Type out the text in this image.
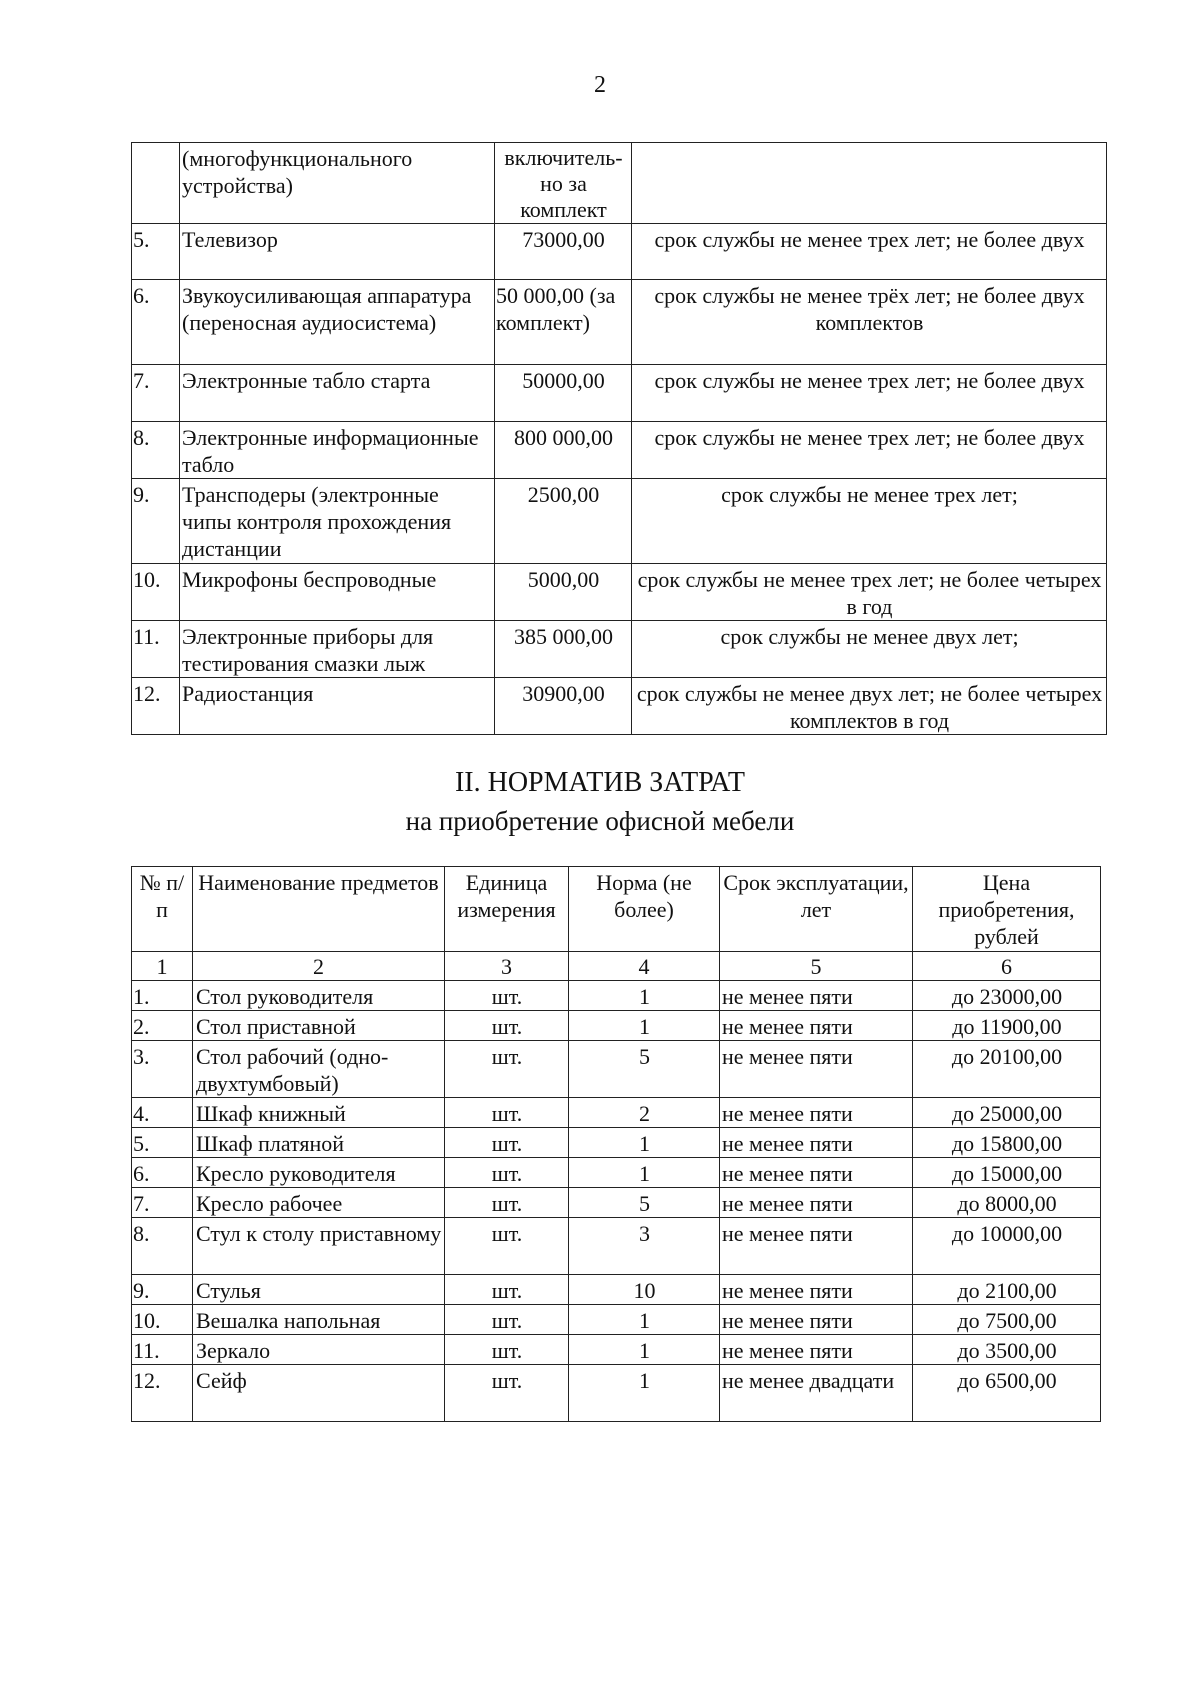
2
	(многофункционального устройства)	включитель-но за комплект	
5.	Телевизор	73000,00	срок службы не менее трех лет; не более двух
6.	Звукоусиливающая аппаратура (переносная аудиосистема)	50 000,00 (за комплект)	срок службы не менее трёх лет; не более двух комплектов
7.	Электронные табло старта	50000,00	срок службы не менее трех лет; не более двух
8.	Электронные информационные табло	800 000,00	срок службы не менее трех лет; не более двух
9.	Транcподеры (электронные чипы контроля прохождения дистанции	2500,00	срок службы не менее трех лет;
10.	Микрофоны беспроводные	5000,00	срок службы не менее трех лет; не более четырех в год
11.	Электронные приборы для тестирования смазки лыж	385 000,00	срок службы не менее двух лет;
12.	Радиостанция	30900,00	срок службы не менее двух лет; не более четырех комплектов в год
II. НОРМАТИВ ЗАТРАТ
на приобретение офисной мебели
№ п/п	Наименование предметов	Единица измерения	Норма (не более)	Срок эксплуатации, лет	Цена приобретения, рублей
1	2	3	4	5	6
1.	Стол руководителя	шт.	1	не менее пяти	до 23000,00
2.	Стол приставной	шт.	1	не менее пяти	до 11900,00
3.	Стол рабочий (одно-двухтумбовый)	шт.	5	не менее пяти	до 20100,00
4.	Шкаф книжный	шт.	2	не менее пяти	до 25000,00
5.	Шкаф платяной	шт.	1	не менее пяти	до 15800,00
6.	Кресло руководителя	шт.	1	не менее пяти	до 15000,00
7.	Кресло рабочее	шт.	5	не менее пяти	до 8000,00
8.	Стул к столу приставному	шт.	3	не менее пяти	до 10000,00
9.	Стулья	шт.	10	не менее пяти	до 2100,00
10.	Вешалка напольная	шт.	1	не менее пяти	до 7500,00
11.	Зеркало	шт.	1	не менее пяти	до 3500,00
12.	Сейф	шт.	1	не менее двадцати	до 6500,00
